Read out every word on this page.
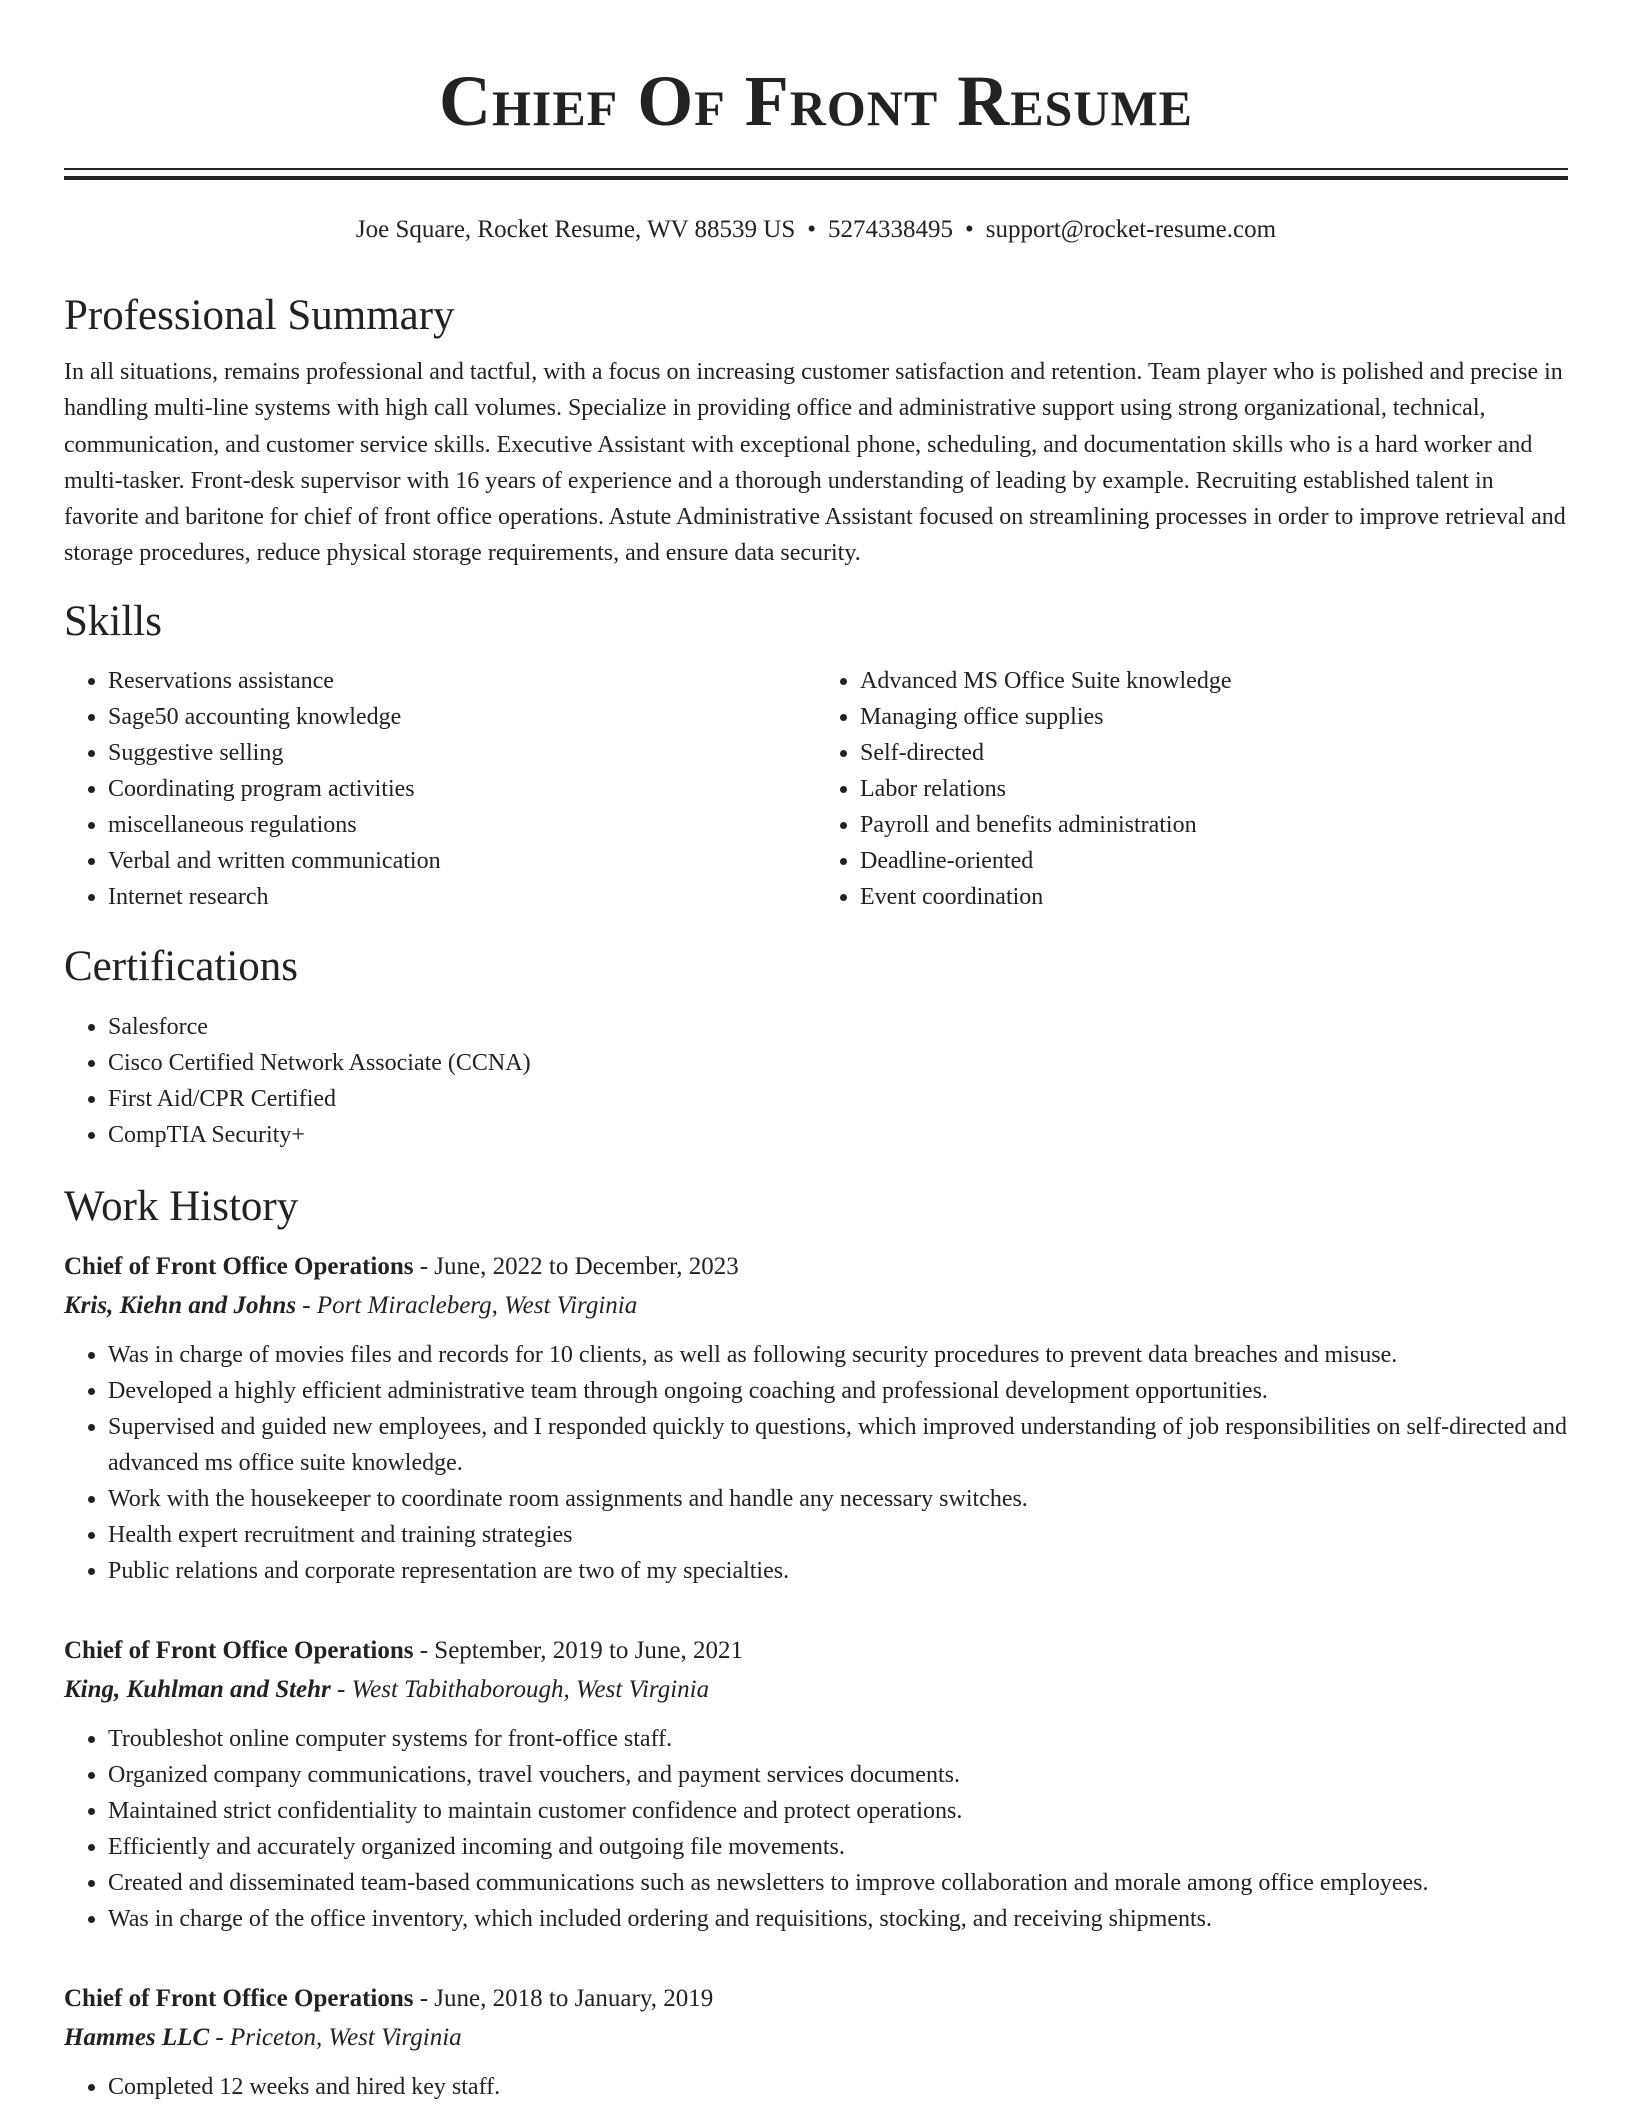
Chief Of Front Resume
Joe Square, Rocket Resume, WV 88539 US • 5274338495 • support@rocket-resume.com
Professional Summary

In all situations, remains professional and tactful, with a focus on increasing customer satisfaction and retention. Team player who is polished and precise in handling multi-line systems with high call volumes. Specialize in providing office and administrative support using strong organizational, technical, communication, and customer service skills. Executive Assistant with exceptional phone, scheduling, and documentation skills who is a hard worker and multi-tasker. Front-desk supervisor with 16 years of experience and a thorough understanding of leading by example. Recruiting established talent in favorite and baritone for chief of front office operations. Astute Administrative Assistant focused on streamlining processes in order to improve retrieval and storage procedures, reduce physical storage requirements, and ensure data security.

Skills
• Reservations assistance
• Sage50 accounting knowledge
• Suggestive selling
• Coordinating program activities
• miscellaneous regulations
• Verbal and written communication
• Internet research
• Advanced MS Office Suite knowledge
• Managing office supplies
• Self-directed
• Labor relations
• Payroll and benefits administration
• Deadline-oriented
• Event coordination
Certifications
• Salesforce
• Cisco Certified Network Associate (CCNA)
• First Aid/CPR Certified
• CompTIA Security+
Work History
Chief of Front Office Operations - June, 2022 to December, 2023
Kris, Kiehn and Johns - Port Miracleberg, West Virginia
• Was in charge of movies files and records for 10 clients, as well as following security procedures to prevent data breaches and misuse.
• Developed a highly efficient administrative team through ongoing coaching and professional development opportunities.
• Supervised and guided new employees, and I responded quickly to questions, which improved understanding of job responsibilities on self-directed and advanced ms office suite knowledge.
• Work with the housekeeper to coordinate room assignments and handle any necessary switches.
• Health expert recruitment and training strategies
• Public relations and corporate representation are two of my specialties.
Chief of Front Office Operations - September, 2019 to June, 2021
King, Kuhlman and Stehr - West Tabithaborough, West Virginia
• Troubleshot online computer systems for front-office staff.
• Organized company communications, travel vouchers, and payment services documents.
• Maintained strict confidentiality to maintain customer confidence and protect operations.
• Efficiently and accurately organized incoming and outgoing file movements.
• Created and disseminated team-based communications such as newsletters to improve collaboration and morale among office employees.
• Was in charge of the office inventory, which included ordering and requisitions, stocking, and receiving shipments.
Chief of Front Office Operations - June, 2018 to January, 2019
Hammes LLC - Priceton, West Virginia
• Completed 12 weeks and hired key staff.
